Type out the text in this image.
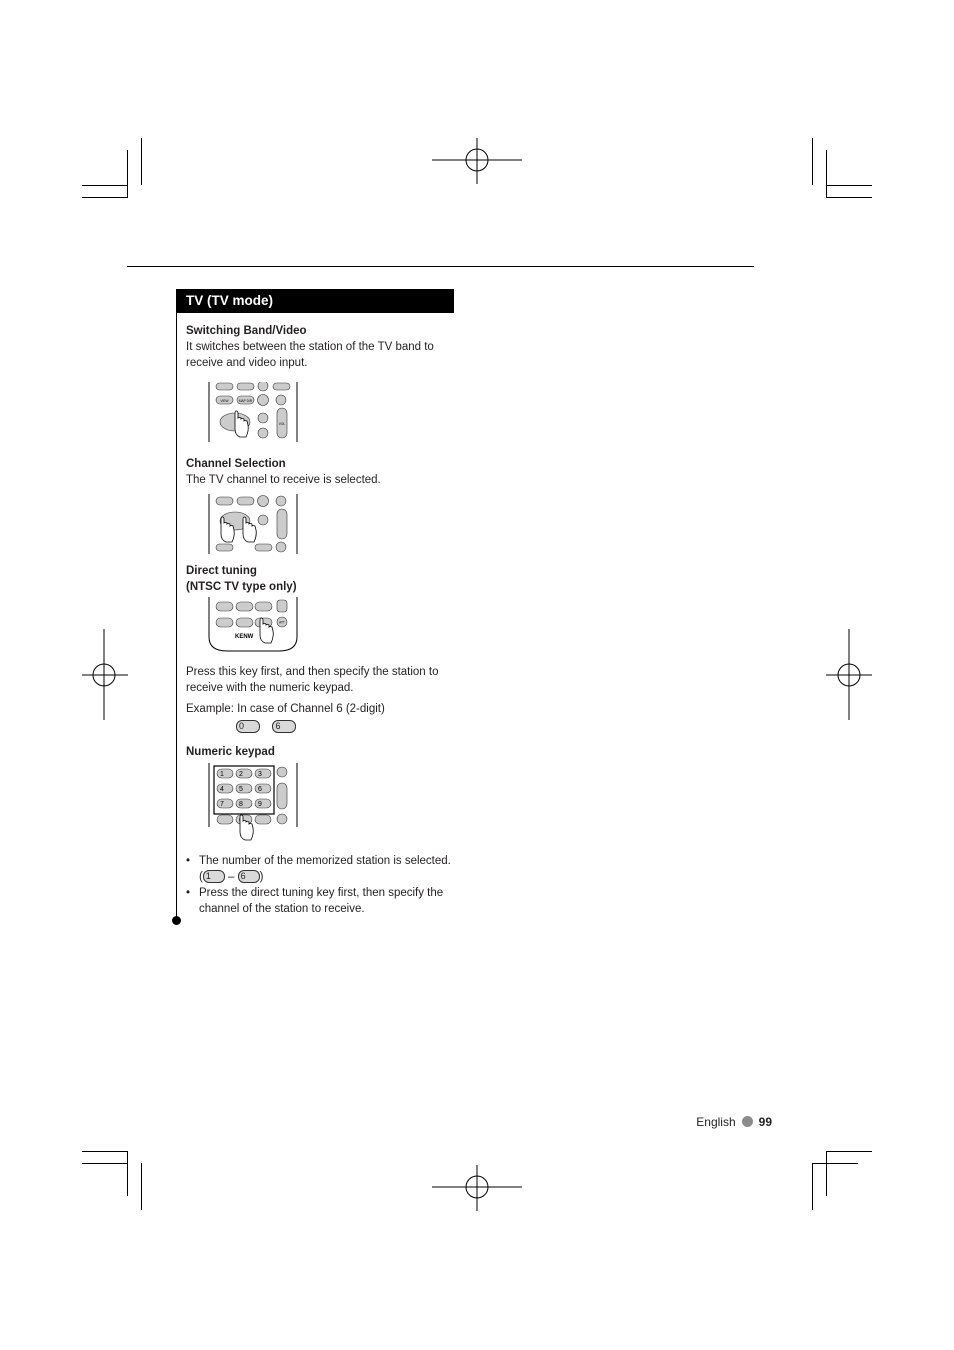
TV (TV mode)
Switching Band/Video
It switches between the station of the TV band to receive and video input.
VIEW	MAP DIR
VOL
Channel Selection
The TV channel to receive is selected.
Direct tuning
(NTSC TV type only)
ATT
KENW
Press this key first, and then specify the station to receive with the numeric keypad.
Example: In case of Channel 6 (2-digit)
0	6
Numeric keypad
1 2 3
4 5 6
7 8 9
• The number of the memorized station is selected. ( 1 – 6 )
• Press the direct tuning key first, then specify the channel of the station to receive.
English 99
